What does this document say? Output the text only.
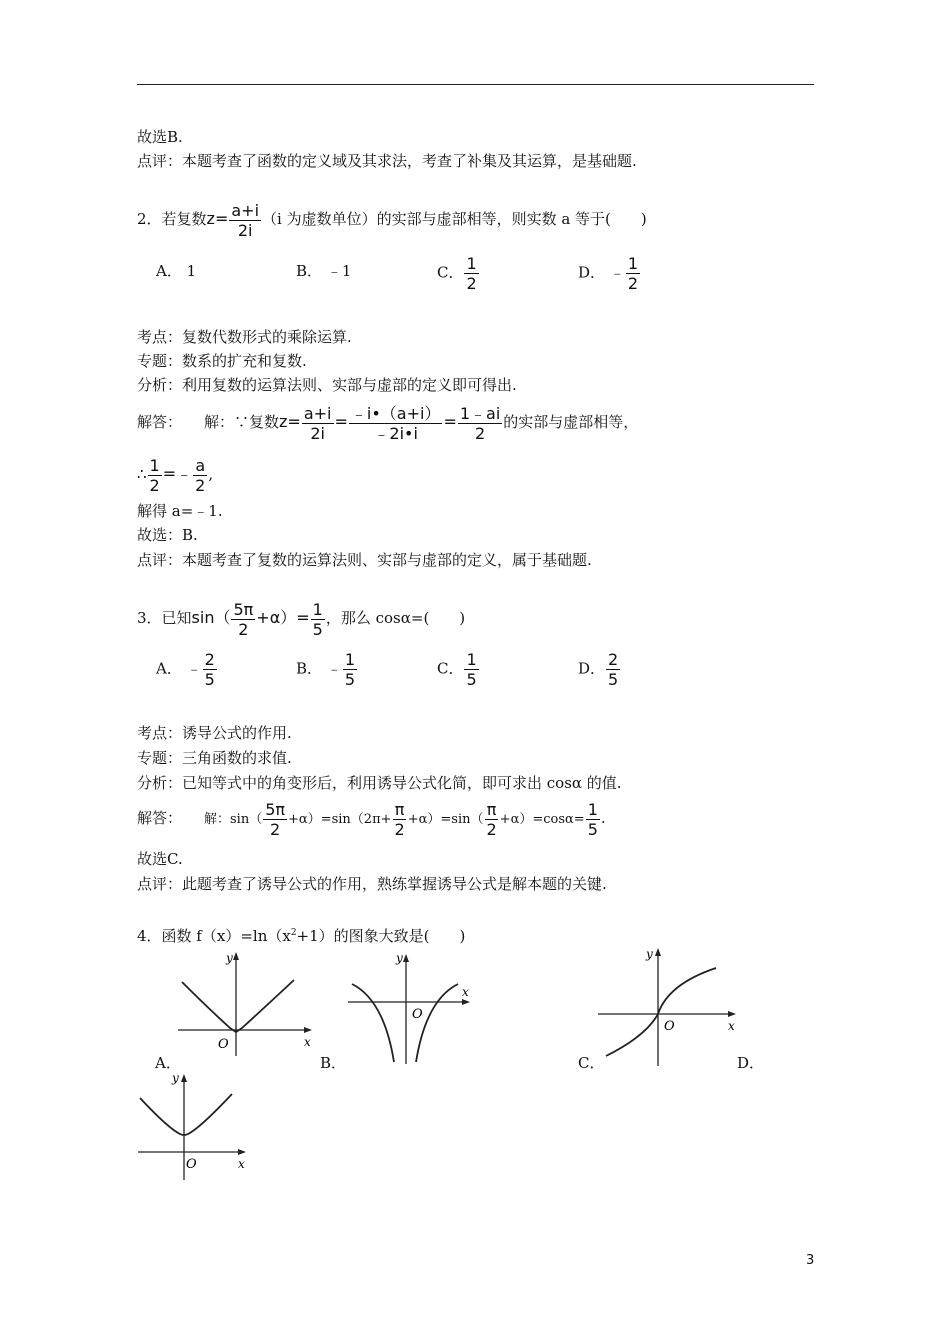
故选B.
点评：本题考查了函数的定义域及其求法，考查了补集及其运算，是基础题.
2．若复数$z= \frac{a+i}{2i} (i$ 为虚数单位）的实部与虚部相等，则实数 a 等于(　　)
A． 1	B． ﹣1	C． $\frac{1}{2}$	D． ﹣ $\frac{1}{2}$
考点：复数代数形式的乘除运算.
专题：数系的扩充和复数.
分析：利用复数的运算法则、实部与虚部的定义即可得出.
解答： 解：∵复数$z= \frac{a+i}{2i} = \frac{﹣i•(a+i)}{﹣2i•i} = \frac{1﹣ai}{2}$ 的实部与虚部相等，
∴ $\frac{1}{2}$ =﹣ $\frac{a}{2}$ ,
解得 a=﹣1.
故选：B.
点评：本题考查了复数的运算法则、实部与虚部的定义，属于基础题.
3．已知$\sin( \frac{5\pi}{2} +\alpha)= \frac{1}{5}$ ，那么 cosα=(　　)
A． ﹣ $\frac{2}{5}$	B． ﹣ $\frac{1}{5}$	C． $\frac{1}{5}$	D． $\frac{2}{5}$
考点：诱导公式的作用.
专题：三角函数的求值.
分析：已知等式中的角变形后，利用诱导公式化简，即可求出 cosα 的值.
解答： 解：$\sin( \frac{5\pi}{2} +\alpha)=\sin(2\pi+ \frac{\pi}{2} +\alpha)=\sin( \frac{\pi}{2} +\alpha)=\cos\alpha= \frac{1}{5}$ .
故选C.
点评：此题考查了诱导公式的作用，熟练掌握诱导公式是解本题的关键.
4．函数 $f(x)=\ln(x^2+1)$的图象大致是(　　)
y
x
O
A．
y
x
O
B．
y
x
O
C．	D．
y
x
O
3
